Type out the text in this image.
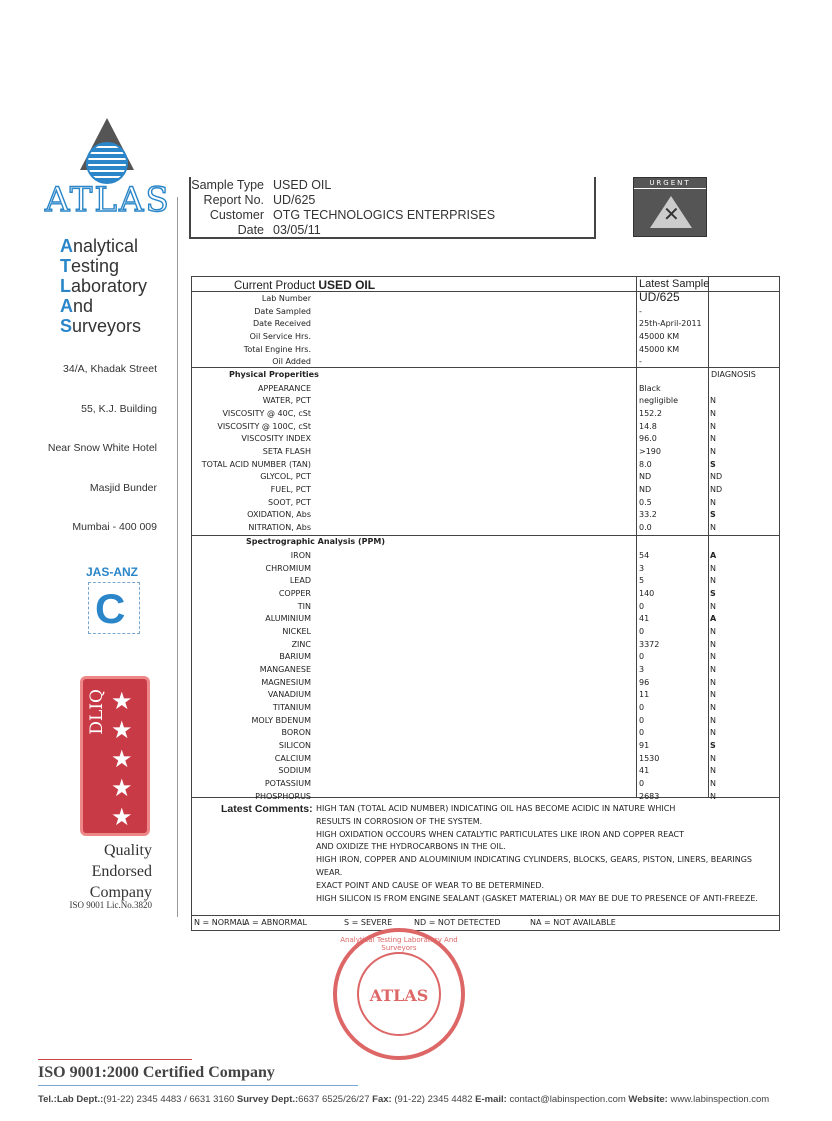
ATLAS
Analytical
Testing
Laboratory
And
Surveyors
JAS-ANZ
C
DLIQ ★
★
★
★
★
Quality
Endorsed
Company
ISO 9001 Lic.No.3820
Sample Type USED OIL
Report No. UD/625
Customer OTG TECHNOLOGICS ENTERPRISES
Date 03/05/11
URGENT
✕
Current Product USED OIL	Latest Sample
Lab Number	UD/625
Physical Properities	DIAGNOSIS
Spectrographic Analysis (PPM)
Latest Comments:
Date Sampled	-
Date Received	25th-April-2011
Oil Service Hrs.	45000 KM
Total Engine Hrs.	45000 KM
Oil Added	-
APPEARANCE	Black
WATER, PCT	negligible	N
VISCOSITY @ 40C, cSt	152.2	N
VISCOSITY @ 100C, cSt	14.8	N
VISCOSITY INDEX	96.0	N
SETA FLASH	>190	N
TOTAL ACID NUMBER (TAN)	8.0	S
GLYCOL, PCT	ND	ND
FUEL, PCT	ND	ND
SOOT, PCT	0.5	N
OXIDATION, Abs	33.2	S
NITRATION, Abs	0.0	N
IRON	54	A
CHROMIUM	3	N
LEAD	5	N
COPPER	140	S
TIN	0	N
ALUMINIUM	41	A
NICKEL	0	N
ZINC	3372	N
BARIUM	0	N
MANGANESE	3	N
MAGNESIUM	96	N
VANADIUM	11	N
TITANIUM	0	N
MOLY BDENUM	0	N
BORON	0	N
SILICON	91	S
CALCIUM	1530	N
SODIUM	41	N
POTASSIUM	0	N
PHOSPHORUS	2683	N
HIGH TAN (TOTAL ACID NUMBER) INDICATING OIL HAS BECOME ACIDIC IN NATURE WHICH
RESULTS IN CORROSION OF THE SYSTEM.
HIGH OXIDATION OCCOURS WHEN CATALYTIC PARTICULATES LIKE IRON AND COPPER REACT
AND OXIDIZE THE HYDROCARBONS IN THE OIL.
HIGH IRON, COPPER AND ALOUMINIUM INDICATING CYLINDERS, BLOCKS, GEARS, PISTON, LINERS, BEARINGS
WEAR.
EXACT POINT AND CAUSE OF WEAR TO BE DETERMINED.
HIGH SILICON IS FROM ENGINE SEALANT (GASKET MATERIAL) OR MAY BE DUE TO PRESENCE OF ANTI-FREEZE.
N = NORMAL
A = ABNORMAL	S = SEVERE	ND = NOT DETECTED	NA = NOT AVAILABLE
ATLAS
Analytical Testing Laboratory And Surveyors
ISO 9001:2000 Certified Company
Tel.:Lab Dept.:(91-22) 2345 4483 / 6631 3160 Survey Dept.:6637 6525/26/27 Fax: (91-22) 2345 4482 E-mail: contact@labinspection.com Website: www.labinspection.com
34/A, Khadak Street
55, K.J. Building
Near Snow White Hotel
Masjid Bunder
Mumbai - 400 009
